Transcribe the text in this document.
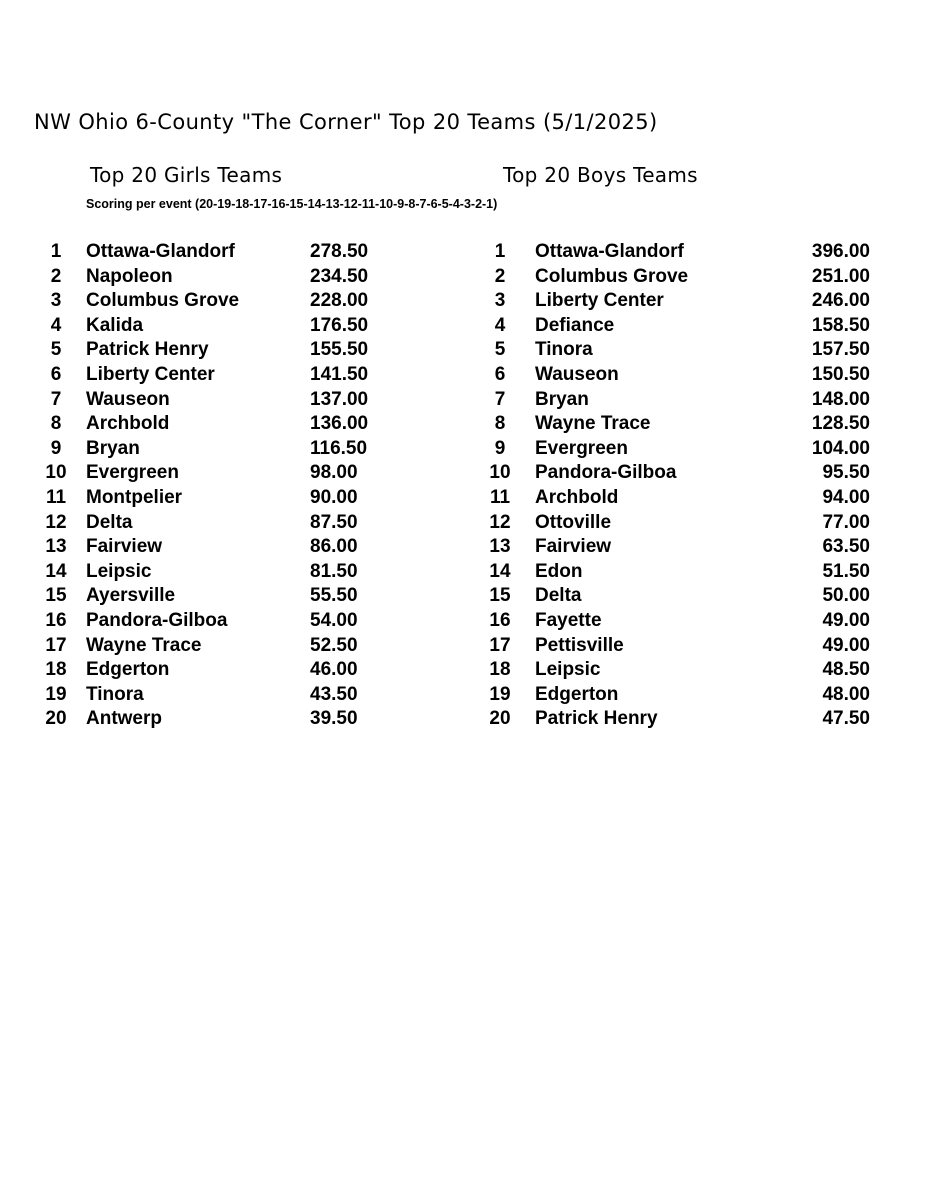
NW Ohio 6-County "The Corner" Top 20 Teams (5/1/2025)
Top 20 Girls Teams	Top 20 Boys Teams
Scoring per event (20-19-18-17-16-15-14-13-12-11-10-9-8-7-6-5-4-3-2-1)
1	Ottawa-Glandorf	278.50
2	Napoleon	234.50
3	Columbus Grove	228.00
4	Kalida	176.50
5	Patrick Henry	155.50
6	Liberty Center	141.50
7	Wauseon	137.00
8	Archbold	136.00
9	Bryan	116.50
10	Evergreen	98.00
11	Montpelier	90.00
12	Delta	87.50
13	Fairview	86.00
14	Leipsic	81.50
15	Ayersville	55.50
16	Pandora-Gilboa	54.00
17	Wayne Trace	52.50
18	Edgerton	46.00
19	Tinora	43.50
20	Antwerp	39.50
1	Ottawa-Glandorf	396.00
2	Columbus Grove	251.00
3	Liberty Center	246.00
4	Defiance	158.50
5	Tinora	157.50
6	Wauseon	150.50
7	Bryan	148.00
8	Wayne Trace	128.50
9	Evergreen	104.00
10	Pandora-Gilboa	95.50
11	Archbold	94.00
12	Ottoville	77.00
13	Fairview	63.50
14	Edon	51.50
15	Delta	50.00
16	Fayette	49.00
17	Pettisville	49.00
18	Leipsic	48.50
19	Edgerton	48.00
20	Patrick Henry	47.50
